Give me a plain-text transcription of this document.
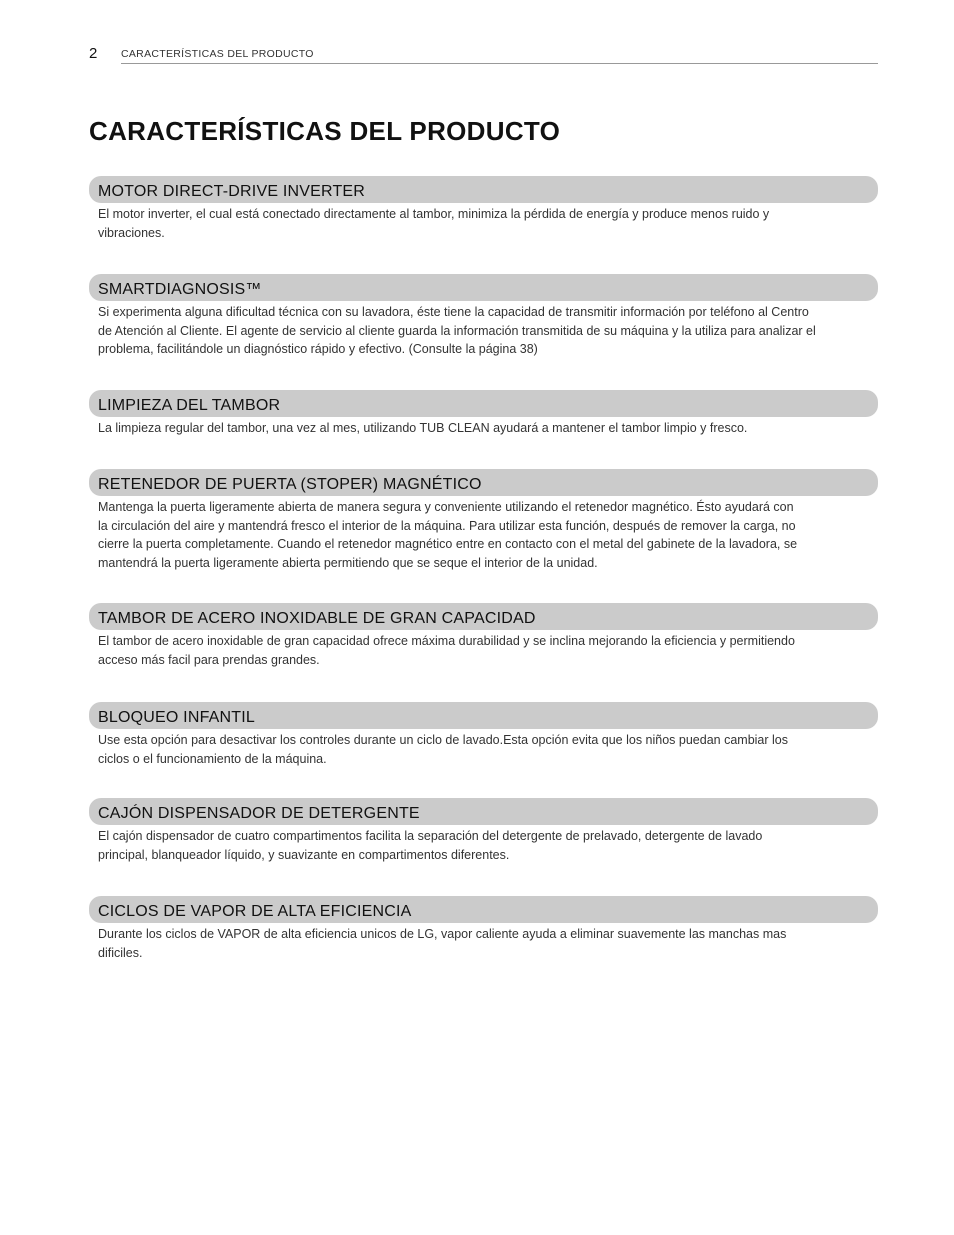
2 CARACTERÍSTICAS DEL PRODUCTO
CARACTERÍSTICAS DEL PRODUCTO
MOTOR DIRECT-DRIVE INVERTER
El motor inverter, el cual está conectado directamente al tambor, minimiza la pérdida de energía y produce menos ruido y
vibraciones.
SMARTDIAGNOSIS™
Si experimenta alguna dificultad técnica con su lavadora, éste tiene la capacidad de transmitir información por teléfono al Centro
de Atención al Cliente. El agente de servicio al cliente guarda la información transmitida de su máquina y la utiliza para analizar el
problema, facilitándole un diagnóstico rápido y efectivo. (Consulte la página 38)
LIMPIEZA DEL TAMBOR
La limpieza regular del tambor, una vez al mes, utilizando TUB CLEAN ayudará a mantener el tambor limpio y fresco.
RETENEDOR DE PUERTA (STOPER) MAGNÉTICO
Mantenga la puerta ligeramente abierta de manera segura y conveniente utilizando el retenedor magnético. Ésto ayudará con
la circulación del aire y mantendrá fresco el interior de la máquina. Para utilizar esta función, después de remover la carga, no
cierre la puerta completamente. Cuando el retenedor magnético entre en contacto con el metal del gabinete de la lavadora, se
mantendrá la puerta ligeramente abierta permitiendo que se seque el interior de la unidad.
TAMBOR DE ACERO INOXIDABLE DE GRAN CAPACIDAD
El tambor de acero inoxidable de gran capacidad ofrece máxima durabilidad y se inclina mejorando la eficiencia y permitiendo
acceso más facil para prendas grandes.
BLOQUEO INFANTIL
Use esta opción para desactivar los controles durante un ciclo de lavado.Esta opción evita que los niños puedan cambiar los
ciclos o el funcionamiento de la máquina.
CAJÓN DISPENSADOR DE DETERGENTE
El cajón dispensador de cuatro compartimentos facilita la separación del detergente de prelavado, detergente de lavado
principal, blanqueador líquido, y suavizante en compartimentos diferentes.
CICLOS DE VAPOR DE ALTA EFICIENCIA
Durante los ciclos de VAPOR de alta eficiencia unicos de LG, vapor caliente ayuda a eliminar suavemente las manchas mas
dificiles.
